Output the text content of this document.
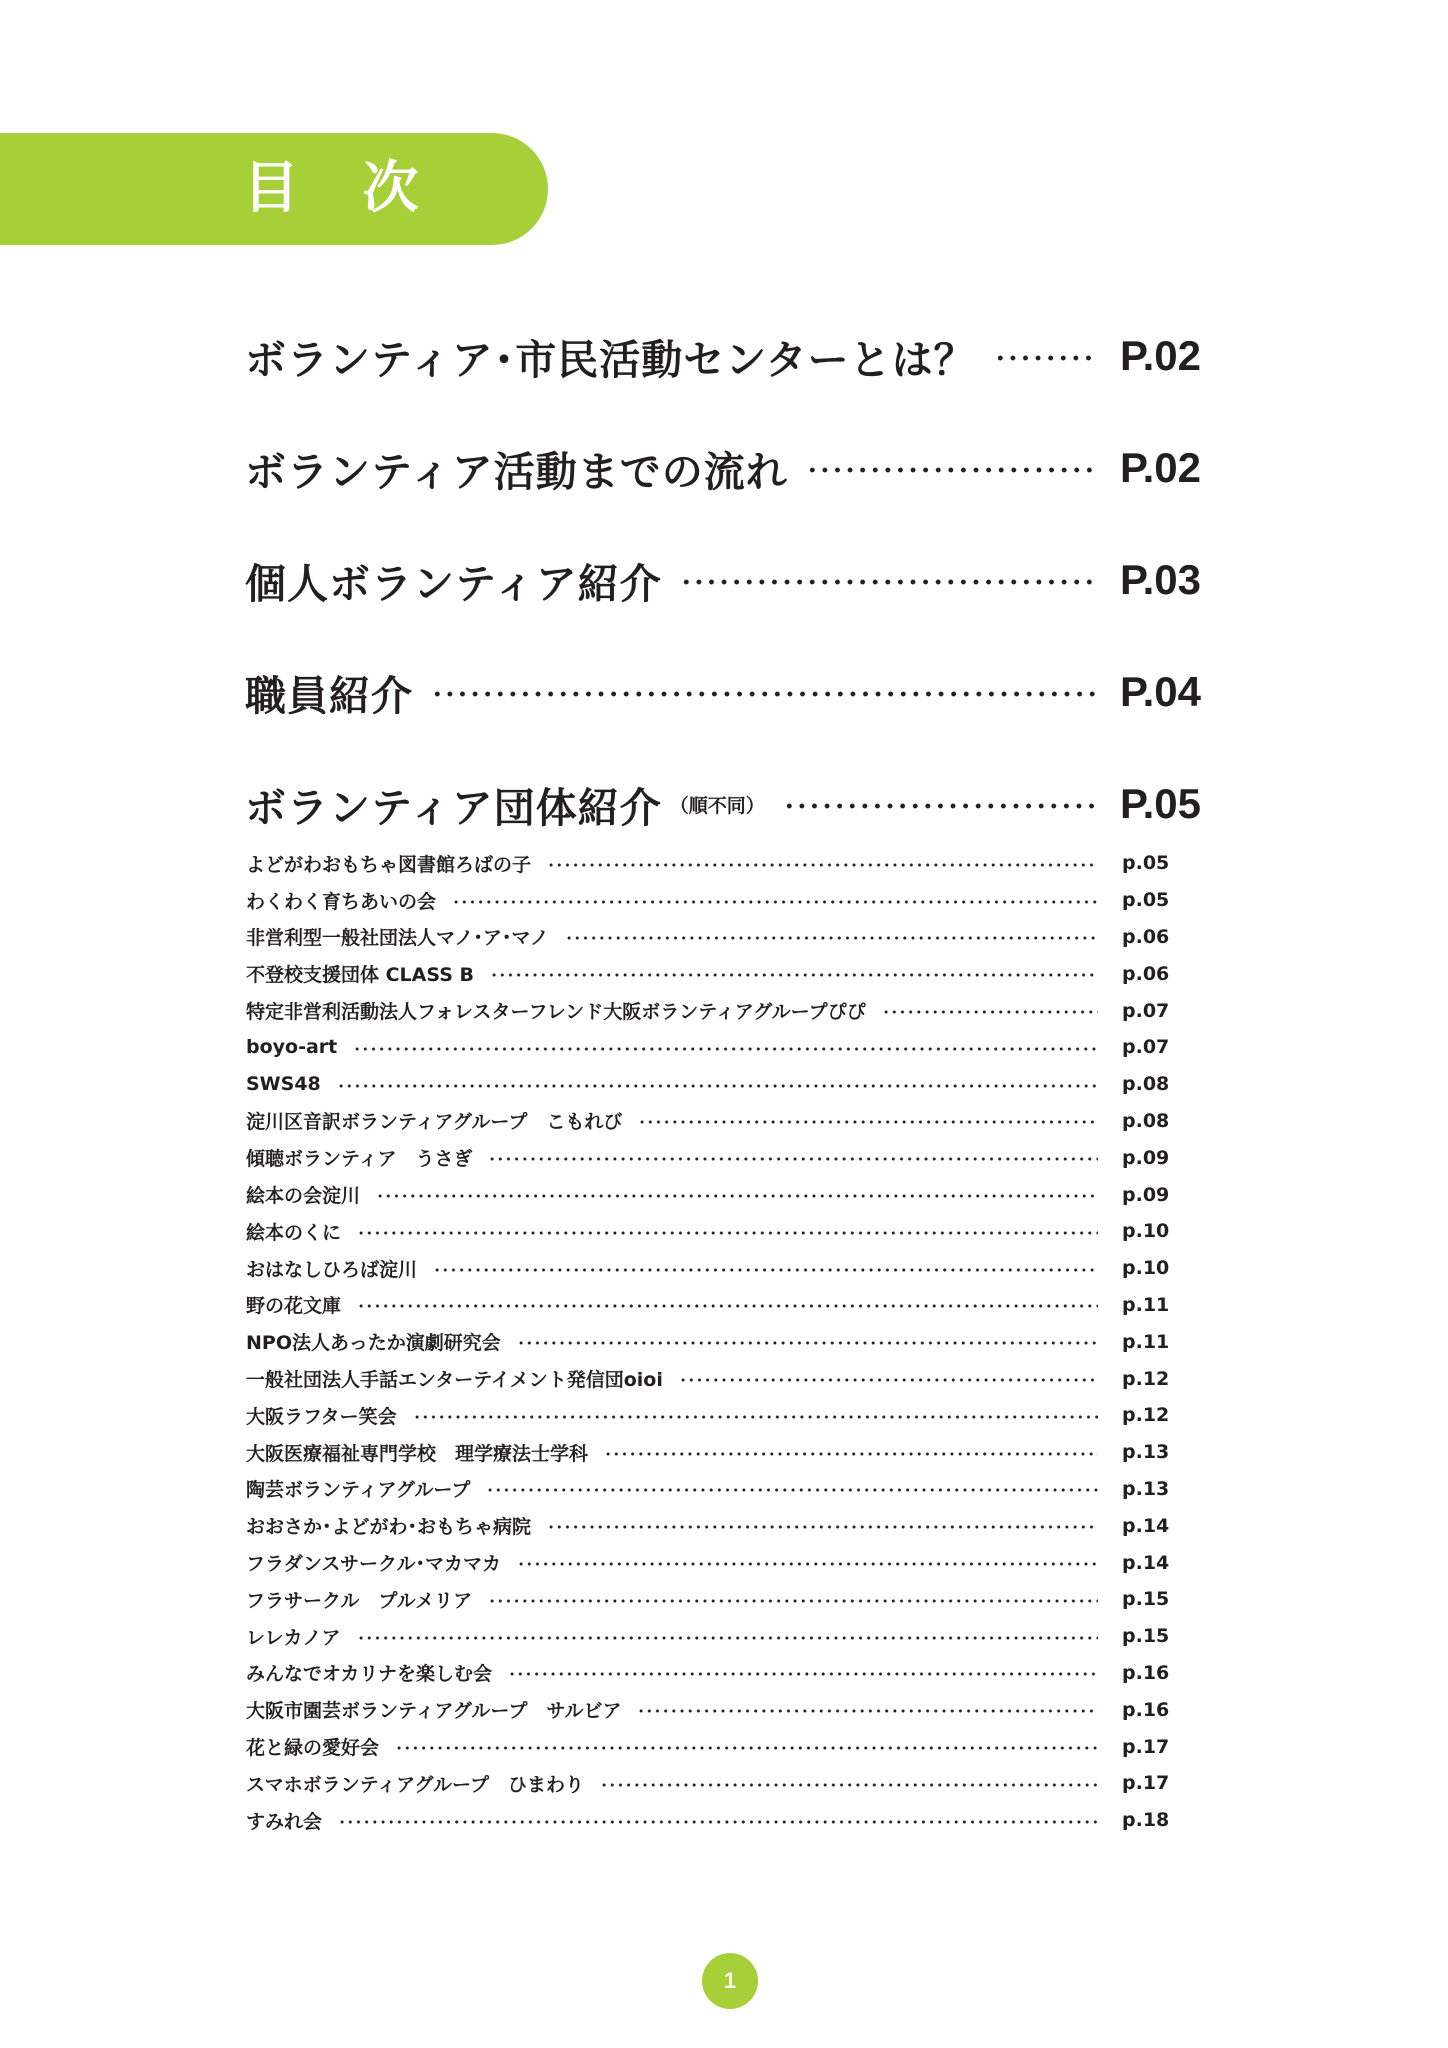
目 次
ボランティア･市民活動センターとは？	P.02
ボランティア活動までの流れ	P.02
個人ボランティア紹介	P.03
職員紹介	P.04
ボランティア団体紹介 （順不同）	P.05
よどがわおもちゃ図書館ろばの子	p.05
わくわく育ちあいの会	p.05
非営利型一般社団法人マノ･ア･マノ	p.06
不登校支援団体 CLASS B	p.06
特定非営利活動法人フォレスターフレンド大阪ボランティアグループぴぴ	p.07
boyo-art	p.07
SWS48	p.08
淀川区音訳ボランティアグループ　こもれび	p.08
傾聴ボランティア　うさぎ	p.09
絵本の会淀川	p.09
絵本のくに	p.10
おはなしひろば淀川	p.10
野の花文庫	p.11
NPO法人あったか演劇研究会	p.11
一般社団法人手話エンターテイメント発信団oioi	p.12
大阪ラフター笑会	p.12
大阪医療福祉専門学校　理学療法士学科	p.13
陶芸ボランティアグループ	p.13
おおさか･よどがわ･おもちゃ病院	p.14
フラダンスサークル･マカマカ	p.14
フラサークル　プルメリア	p.15
レレカノア	p.15
みんなでオカリナを楽しむ会	p.16
大阪市園芸ボランティアグループ　サルビア	p.16
花と緑の愛好会	p.17
スマホボランティアグループ　ひまわり	p.17
すみれ会	p.18
1
